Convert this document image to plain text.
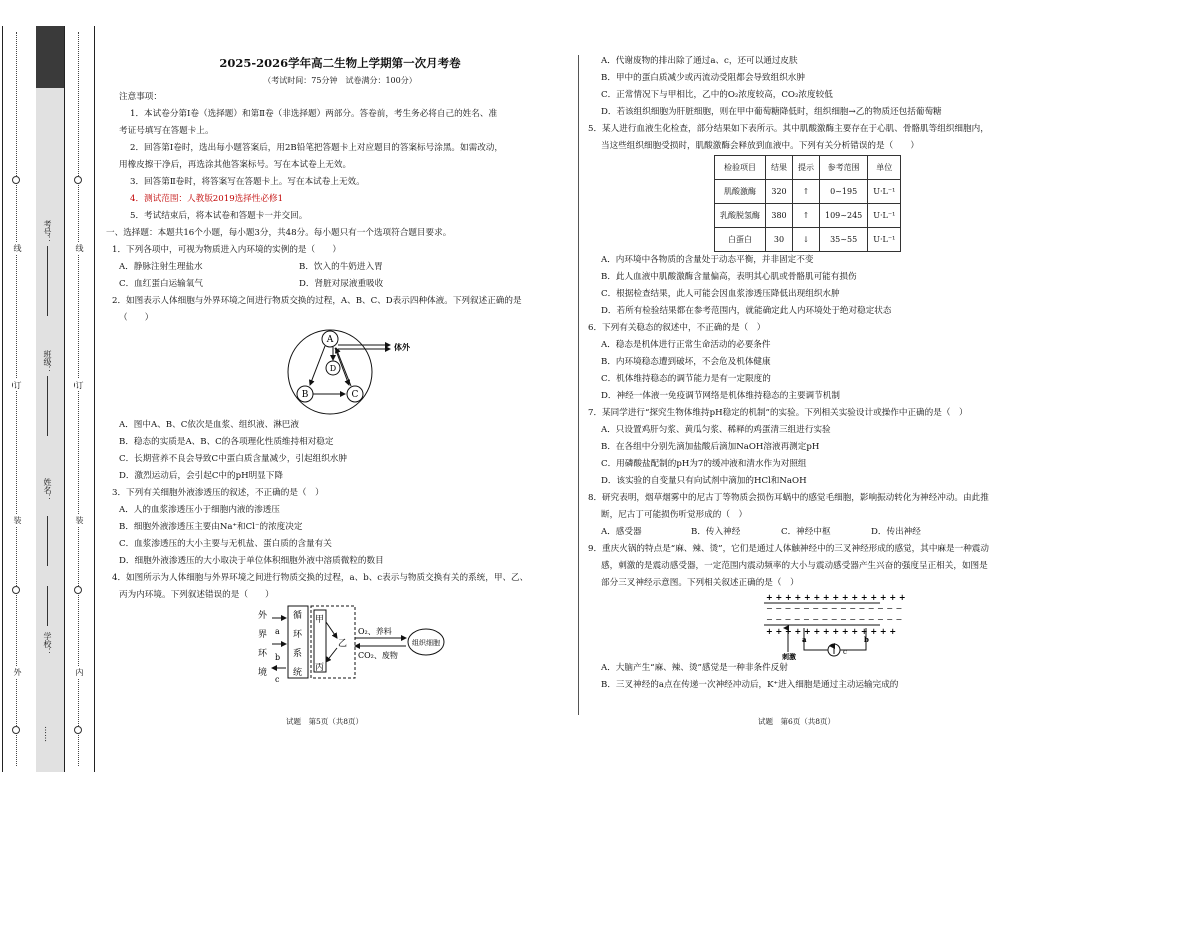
外
装
订
线
内
装
订
线
学校：
姓名：
班级：
考号：
……

2025-2026学年高二生物上学期第一次月考卷

（考试时间：75分钟　试卷满分：100分）

注意事项：

1．本试卷分第Ⅰ卷（选择题）和第Ⅱ卷（非选择题）两部分。答卷前，考生务必将自己的姓名、准

考证号填写在答题卡上。

2．回答第Ⅰ卷时，选出每小题答案后，用2B铅笔把答题卡上对应题目的答案标号涂黑。如需改动，

用橡皮擦干净后，再选涂其他答案标号。写在本试卷上无效。

3．回答第Ⅱ卷时，将答案写在答题卡上。写在本试卷上无效。

4．测试范围：人教版2019选择性必修1

5．考试结束后，将本试卷和答题卡一并交回。

一、选择题：本题共16个小题，每小题3分，共48分。每小题只有一个选项符合题目要求。

1．下列各项中，可视为物质进入内环境的实例的是（　　）

A．静脉注射生理盐水	B．饮入的牛奶进入胃
C．血红蛋白运输氧气	D．肾脏对尿液重吸收

2．如图表示人体细胞与外界环境之间进行物质交换的过程，A、B、C、D表示四种体液。下列叙述正确的是

（　　）

A
B	C
D
体外

A．图中A、B、C依次是血浆、组织液、淋巴液

B．稳态的实质是A、B、C的各项理化性质维持相对稳定

C．长期营养不良会导致C中蛋白质含量减少，引起组织水肿

D．激烈运动后，会引起C中的pH明显下降

3．下列有关细胞外液渗透压的叙述，不正确的是（　）

A．人的血浆渗透压小于细胞内液的渗透压

B．细胞外液渗透压主要由Na⁺和Cl⁻的浓度决定

C．血浆渗透压的大小主要与无机盐、蛋白质的含量有关

D．细胞外液渗透压的大小取决于单位体积细胞外液中溶质微粒的数目

4．如图所示为人体细胞与外界环境之间进行物质交换的过程，a、b、c表示与物质交换有关的系统，甲、乙、

丙为内环境。下列叙述错误的是（　　）

外
界
环
境
a
b
c
循
环
系
统
甲
丙
乙
O₂、养料
CO₂、废物
组织细胞
试题　第5页（共8页）

A．代谢废物的排出除了通过a、c，还可以通过皮肤

B．甲中的蛋白质减少或丙流动受阻都会导致组织水肿

C．正常情况下与甲相比，乙中的O₂浓度较高，CO₂浓度较低

D．若该组织细胞为肝脏细胞，则在甲中葡萄糖降低时，组织细胞→乙的物质还包括葡萄糖

5．某人进行血液生化检查，部分结果如下表所示。其中肌酸激酶主要存在于心肌、骨骼肌等组织细胞内，

当这些组织细胞受损时，肌酸激酶会释放到血液中。下列有关分析错误的是（　　）

检验项目	结果	提示	参考范围	单位
肌酸激酶	320	↑	0~195	U·L⁻¹
乳酸脱氢酶	380	↑	109~245	U·L⁻¹
白蛋白	30	↓	35~55	U·L⁻¹

A．内环境中各物质的含量处于动态平衡，并非固定不变

B．此人血液中肌酸激酶含量偏高，表明其心肌或骨骼肌可能有损伤

C．根据检查结果，此人可能会因血浆渗透压降低出现组织水肿

D．若所有检验结果都在参考范围内，就能确定此人内环境处于绝对稳定状态

6．下列有关稳态的叙述中，不正确的是（　）

A．稳态是机体进行正常生命活动的必要条件

B．内环境稳态遭到破坏，不会危及机体健康

C．机体维持稳态的调节能力是有一定限度的

D．神经一体液一免疫调节网络是机体维持稳态的主要调节机制

7．某同学进行“探究生物体维持pH稳定的机制”的实验。下列相关实验设计或操作中正确的是（　）

A．只设置鸡肝匀浆、黄瓜匀浆、稀释的鸡蛋清三组进行实验

B．在各组中分别先滴加盐酸后滴加NaOH溶液再测定pH

C．用磷酸盐配制的pH为7的缓冲液和清水作为对照组

D．该实验的自变量只有向试剂中滴加的HCl和NaOH

8．研究表明，烟草烟雾中的尼古丁等物质会损伤耳蜗中的感觉毛细胞，影响振动转化为神经冲动。由此推

断，尼古丁可能损伤听觉形成的（　）

A．感受器	B．传入神经	C．神经中枢	D．传出神经

9．重庆火锅的特点是“麻、辣、烫”，它们是通过人体触神经中的三叉神经形成的感觉，其中麻是一种震动

感，刺激的是震动感受器，一定范围内震动频率的大小与震动感受器产生兴奋的强度呈正相关，如图是

部分三叉神经示意图。下列相关叙述正确的是（　）

+ + + + + + + + + + + + + + +
− − − − − − − − − − − − − − −
− − − − − − − − − − − − − − −
+ + + + + + + + + + + + + +
刺激
a	b
c

A．大脑产生“麻、辣、烫”感觉是一种非条件反射

B．三叉神经的a点在传递一次神经冲动后，K⁺进入细胞是通过主动运输完成的

试题　第6页（共8页）
